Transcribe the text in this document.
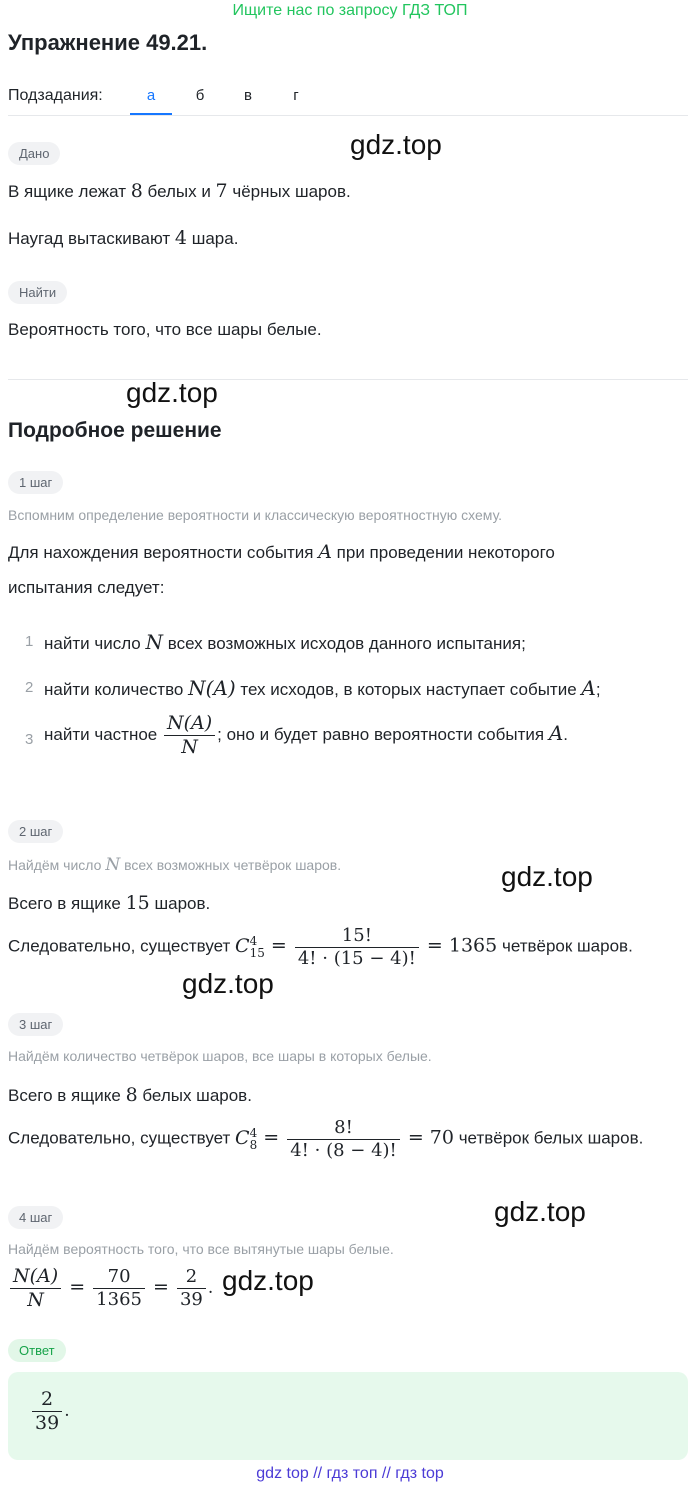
Ищите нас по запросу ГДЗ ТОП
Упражнение 49.21.
Подзадания:	а	б	в	г
Дано	gdz.top
В ящике лежат 8 белых и 7 чёрных шаров.
Наугад вытаскивают 4 шара.
Найти
Вероятность того, что все шары белые.
gdz.top
Подробное решение
1 шаг
Вспомним определение вероятности и классическую вероятностную схему.
Для нахождения вероятности события A при проведении некоторого
испытания следует:
1 найти число N всех возможных исходов данного испытания;
2 найти количество N(A) тех исходов, в которых наступает событие A;
3 найти частное $\frac{N(A)}{N}$ ; оно и будет равно вероятности события A.
2 шаг
Найдём число N всех возможных четвёрок шаров.	gdz.top
Всего в ящике 15 шаров.
Следовательно, существует C 4
$15 = \frac{15!}{4! \cdot (15 - 4)!} = 1365$ четвёрок шаров.
gdz.top
3 шаг
Найдём количество четвёрок шаров, все шары в которых белые.
Всего в ящике 8 белых шаров.
Следовательно, существует C 4
$8 = \frac{8!}{4! \cdot (8 - 4)!} = 70$ четвёрок белых шаров.
4 шаг	gdz.top
Найдём вероятность того, что все вытянутые шары белые.
$\frac{N(A)}{N} = \frac{70}{1365} = \frac{2}{39}$ . gdz.top
Ответ
$\frac{2}{39}$ .
gdz top // гдз топ // гдз top
